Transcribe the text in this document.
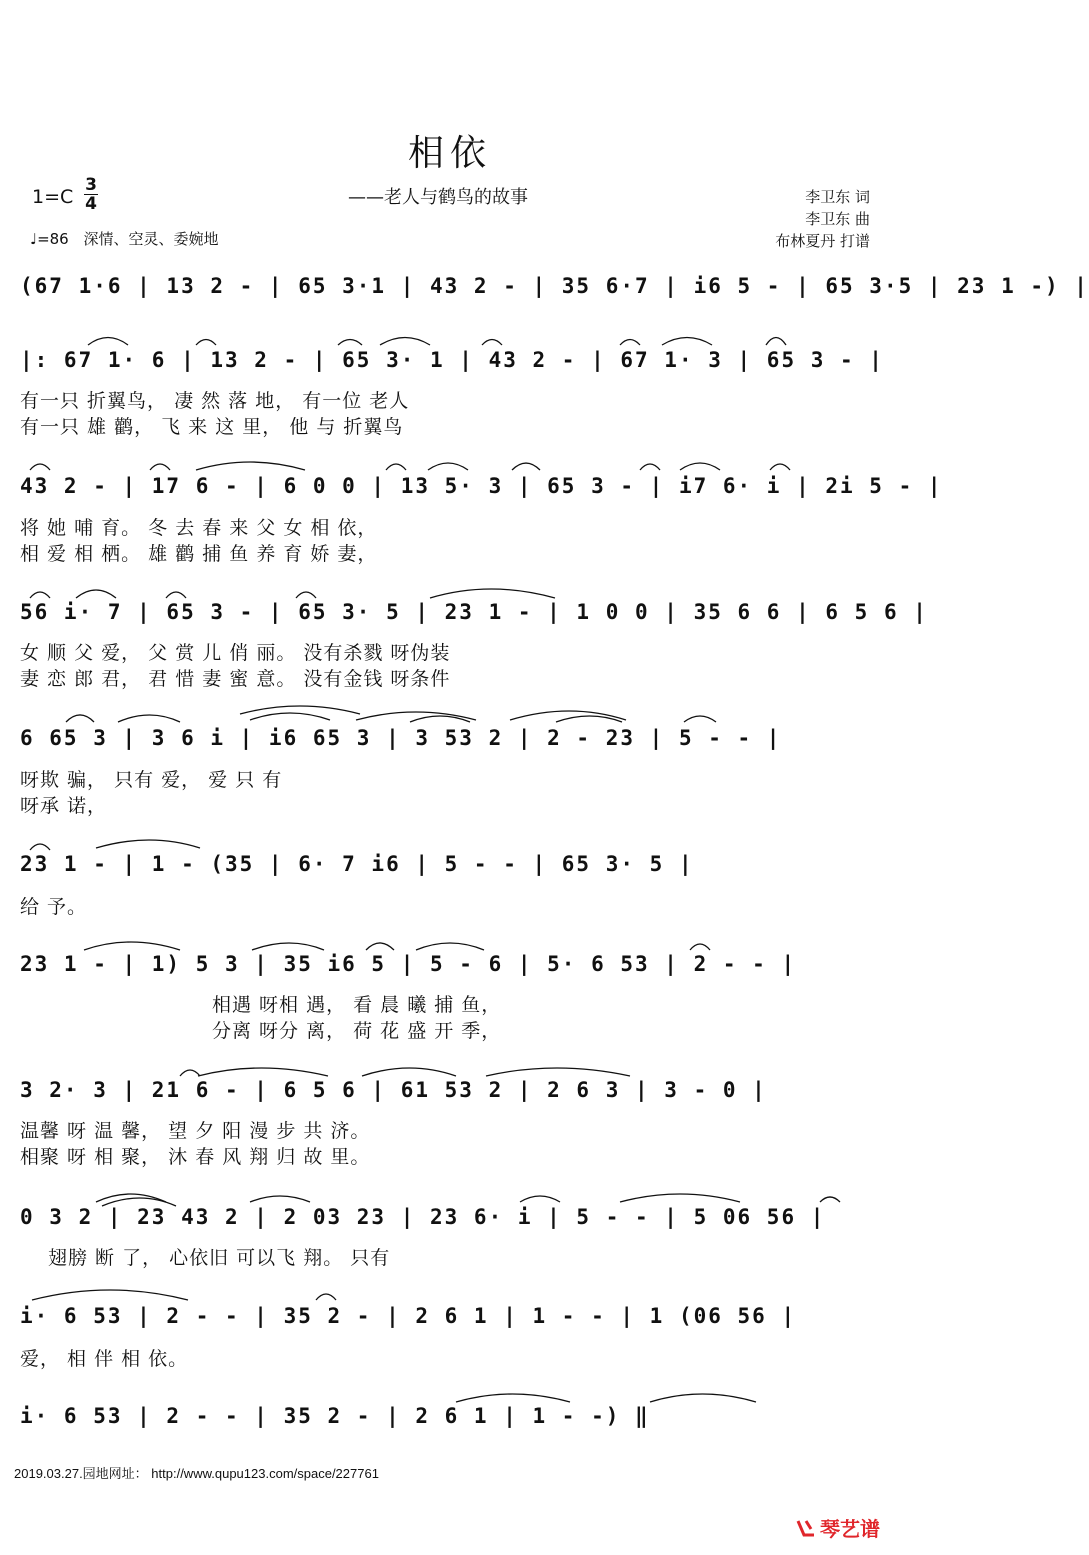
相依
$1=C \frac{3}{4}$	——老人与鹤鸟的故事	李卫东 词
李卫东 曲
布林夏丹 打谱
♩=86 深情、空灵、委婉地
(67 1·6 | 13 2 - | 65 3·1 | 43 2 - | 35 6·7 | i6 5 - | 65 3·5 | 23 1 -) |
|: 67 1· 6 | 13 2 - | 65 3· 1 | 43 2 - | 67 1· 3 | 65 3 - |
有一只 折翼鸟， 凄 然 落 地， 有一位 老人
有一只 雄 鹳， 飞 来 这 里， 他 与 折翼鸟
43 2 - | 17 6 - | 6 0 0 | 13 5· 3 | 65 3 - | i7 6· i | 2i 5 - |
将 她 哺 育。 冬 去 春 来 父 女 相 依，
相 爱 相 栖。 雄 鹳 捕 鱼 养 育 娇 妻，
56 i· 7 | 65 3 - | 65 3· 5 | 23 1 - | 1 0 0 | 35 6 6 | 6 5 6 |
女 顺 父 爱， 父 赏 儿 俏 丽。 没有杀戮 呀伪装
妻 恋 郎 君， 君 惜 妻 蜜 意。 没有金钱 呀条件
6 65 3 | 3 6 i | i6 65 3 | 3 53 2 | 2 - 23 | 5 - - |
呀欺 骗， 只有 爱， 爱 只 有
呀承 诺，
23 1 - | 1 - (35 | 6· 7 i6 | 5 - - | 65 3· 5 |
给 予。
23 1 - | 1) 5 3 | 35 i6 5 | 5 - 6 | 5· 6 53 | 2 - - |
相遇 呀相 遇， 看 晨 曦 捕 鱼，
分离 呀分 离， 荷 花 盛 开 季，
3 2· 3 | 21 6 - | 6 5 6 | 61 53 2 | 2 6 3 | 3 - 0 |
温馨 呀 温 馨， 望 夕 阳 漫 步 共 济。
相聚 呀 相 聚， 沐 春 风 翔 归 故 里。
0 3 2 | 23 43 2 | 2 03 23 | 23 6· i | 5 - - | 5 06 56 |
翅膀 断 了， 心依旧 可以飞 翔。 只有
i· 6 53 | 2 - - | 35 2 - | 2 6 1 | 1 - - | 1 (06 56 |
爱， 相 伴 相 依。
i· 6 53 | 2 - - | 35 2 - | 2 6 1 | 1 - -) ‖
2019.03.27.园地网址： http://www.qupu123.com/space/227761
琴艺谱
